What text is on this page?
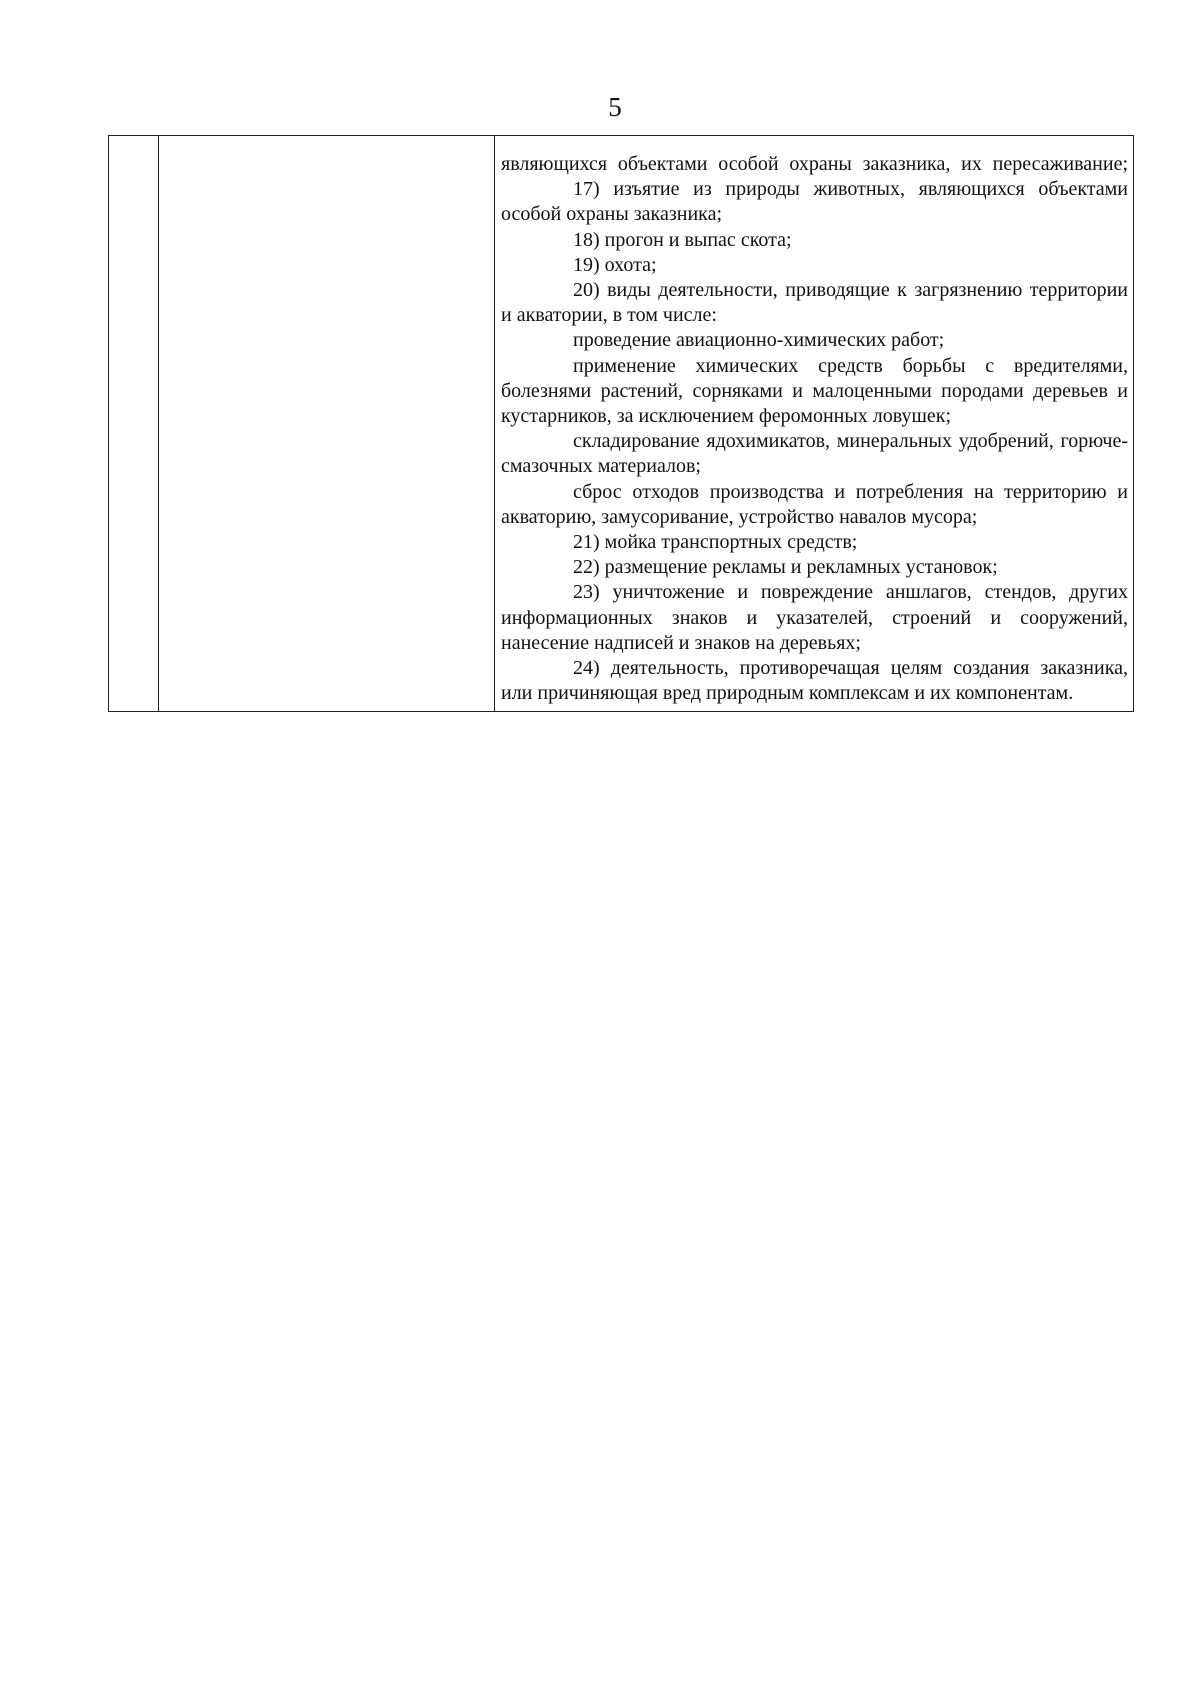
5

являющихся объектами особой охраны заказника, их пересаживание;

17) изъятие из природы животных, являющихся объектами особой охраны заказника;

18) прогон и выпас скота;

19) охота;

20) виды деятельности, приводящие к загрязнению территории и акватории, в том числе:

проведение авиационно-химических работ;

применение химических средств борьбы с вредителями, болезнями растений, сорняками и малоценными породами деревьев и кустарников, за исключением феромонных ловушек;

складирование ядохимикатов, минеральных удобрений, горюче-смазочных материалов;

сброс отходов производства и потребления на территорию и акваторию, замусоривание, устройство навалов мусора;

21) мойка транспортных средств;

22) размещение рекламы и рекламных установок;

23) уничтожение и повреждение аншлагов, стендов, других информационных знаков и указателей, строений и сооружений, нанесение надписей и знаков на деревьях;

24) деятельность, противоречащая целям создания заказника, или причиняющая вред природным комплексам и их компонентам.
